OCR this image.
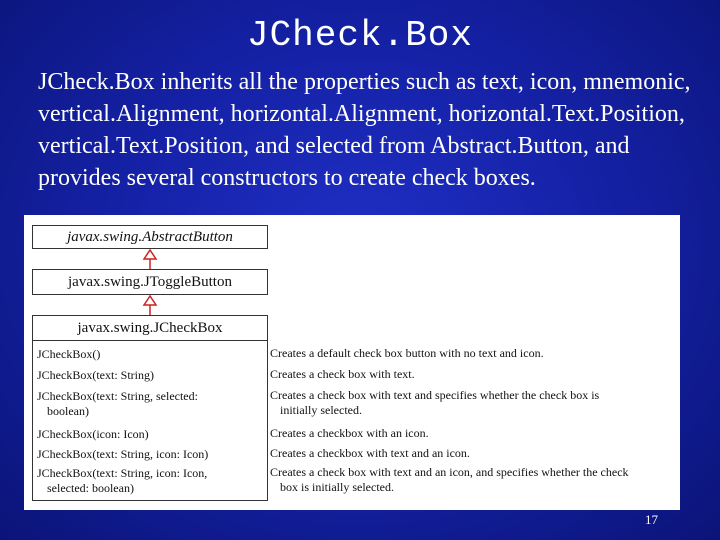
JCheck.Box
JCheck.Box inherits all the properties such as text, icon, mnemonic, vertical.Alignment, horizontal.Alignment, horizontal.Text.Position, vertical.Text.Position, and selected from Abstract.Button, and provides several constructors to create check boxes.
javax.swing.AbstractButton
javax.swing.JToggleButton
javax.swing.JCheckBox
JCheckBox()
JCheckBox(text: String)
JCheckBox(text: String, selected:
boolean)
JCheckBox(icon: Icon)
JCheckBox(text: String, icon: Icon)
JCheckBox(text: String, icon: Icon,
selected: boolean)
Creates a default check box button with no text and icon.
Creates a check box with text.
Creates a check box with text and specifies whether the check box is
initially selected.
Creates a checkbox with an icon.
Creates a checkbox with text and an icon.
Creates a check box with text and an icon, and specifies whether the check
box is initially selected.
17
